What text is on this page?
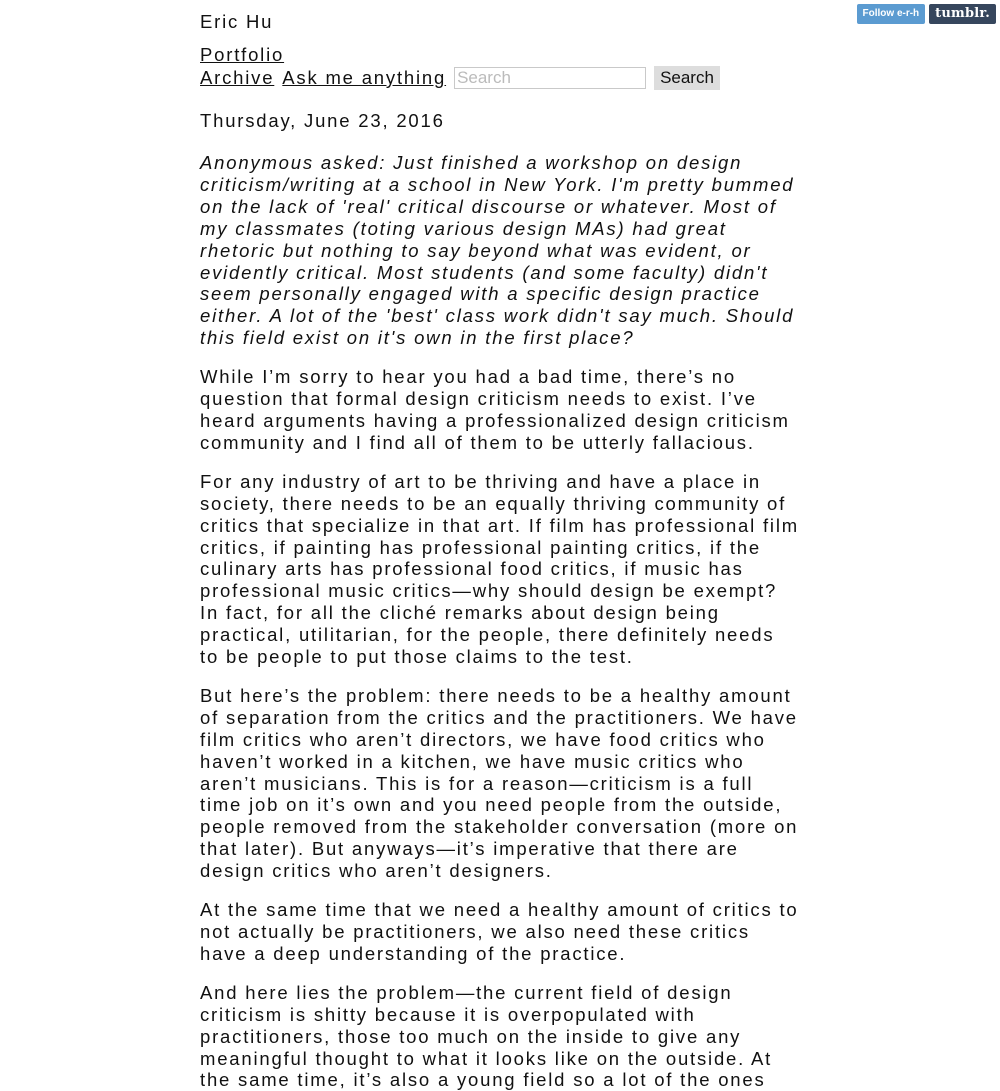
Follow e-r-h	tumblr.
Eric Hu
Portfolio
Archive Ask me anything
Search	Search
Thursday, June 23, 2016
Anonymous asked: Just finished a workshop on design criticism/writing at a school in New York. I'm pretty bummed on the lack of 'real' critical discourse or whatever. Most of my classmates (toting various design MAs) had great rhetoric but nothing to say beyond what was evident, or evidently critical. Most students (and some faculty) didn't seem personally engaged with a specific design practice either. A lot of the 'best' class work didn't say much. Should this field exist on it's own in the first place?
While I’m sorry to hear you had a bad time, there’s no question that formal design criticism needs to exist. I’ve heard arguments having a professionalized design criticism community and I find all of them to be utterly fallacious.
For any industry of art to be thriving and have a place in society, there needs to be an equally thriving community of critics that specialize in that art. If film has professional film critics, if painting has professional painting critics, if the culinary arts has professional food critics, if music has professional music critics—why should design be exempt? In fact, for all the cliché remarks about design being practical, utilitarian, for the people, there definitely needs to be people to put those claims to the test.
But here’s the problem: there needs to be a healthy amount of separation from the critics and the practitioners. We have film critics who aren’t directors, we have food critics who haven’t worked in a kitchen, we have music critics who aren’t musicians. This is for a reason—criticism is a full time job on it’s own and you need people from the outside, people removed from the stakeholder conversation (more on that later). But anyways—it’s imperative that there are design critics who aren’t designers.
At the same time that we need a healthy amount of critics to not actually be practitioners, we also need these critics have a deep understanding of the practice.
And here lies the problem—the current field of design criticism is shitty because it is overpopulated with practitioners, those too much on the inside to give any meaningful thought to what it looks like on the outside. At the same time, it’s also a young field so a lot of the ones
